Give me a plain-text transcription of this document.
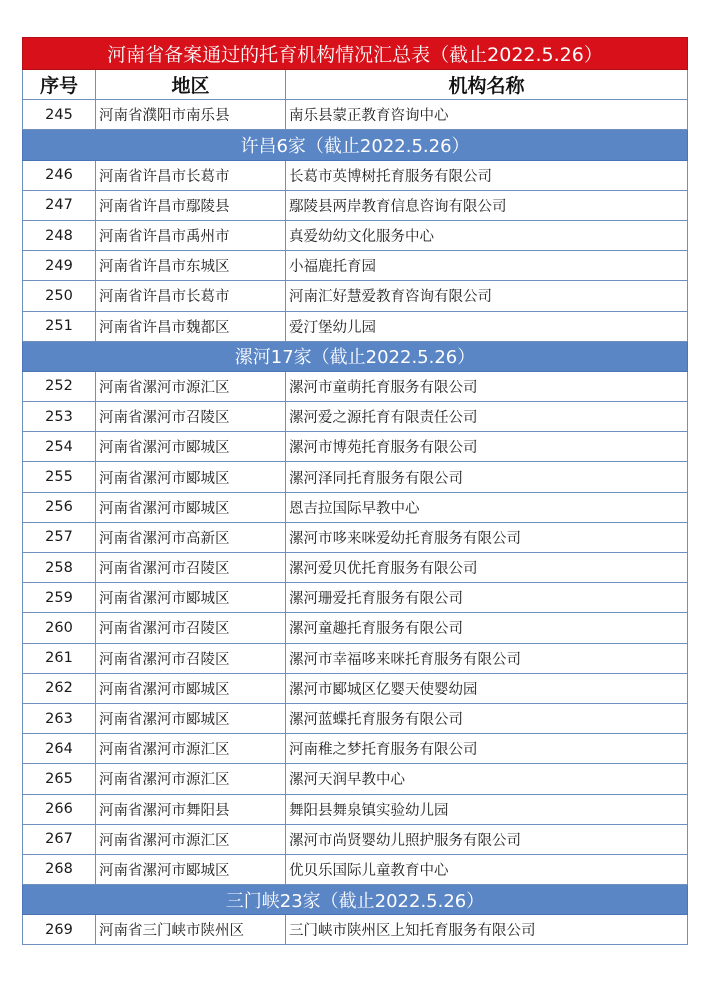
河南省备案通过的托育机构情况汇总表（截止2022.5.26）		
序号	地区	机构名称
245	河南省濮阳市南乐县	南乐县蒙正教育咨询中心
许昌6家（截止2022.5.26）		
246	河南省许昌市长葛市	长葛市英博树托育服务有限公司
247	河南省许昌市鄢陵县	鄢陵县两岸教育信息咨询有限公司
248	河南省许昌市禹州市	真爱幼幼文化服务中心
249	河南省许昌市东城区	小福鹿托育园
250	河南省许昌市长葛市	河南汇好慧爱教育咨询有限公司
251	河南省许昌市魏都区	爱汀堡幼儿园
漯河17家（截止2022.5.26）		
252	河南省漯河市源汇区	漯河市童萌托育服务有限公司
253	河南省漯河市召陵区	漯河爱之源托育有限责任公司
254	河南省漯河市郾城区	漯河市博苑托育服务有限公司
255	河南省漯河市郾城区	漯河泽同托育服务有限公司
256	河南省漯河市郾城区	恩吉拉国际早教中心
257	河南省漯河市高新区	漯河市哆来咪爱幼托育服务有限公司
258	河南省漯河市召陵区	漯河爱贝优托育服务有限公司
259	河南省漯河市郾城区	漯河珊爱托育服务有限公司
260	河南省漯河市召陵区	漯河童趣托育服务有限公司
261	河南省漯河市召陵区	漯河市幸福哆来咪托育服务有限公司
262	河南省漯河市郾城区	漯河市郾城区亿婴天使婴幼园
263	河南省漯河市郾城区	漯河蓝蝶托育服务有限公司
264	河南省漯河市源汇区	河南稚之梦托育服务有限公司
265	河南省漯河市源汇区	漯河天润早教中心
266	河南省漯河市舞阳县	舞阳县舞泉镇实验幼儿园
267	河南省漯河市源汇区	漯河市尚贤婴幼儿照护服务有限公司
268	河南省漯河市郾城区	优贝乐国际儿童教育中心
三门峡23家（截止2022.5.26）		
269	河南省三门峡市陕州区	三门峡市陕州区上知托育服务有限公司
